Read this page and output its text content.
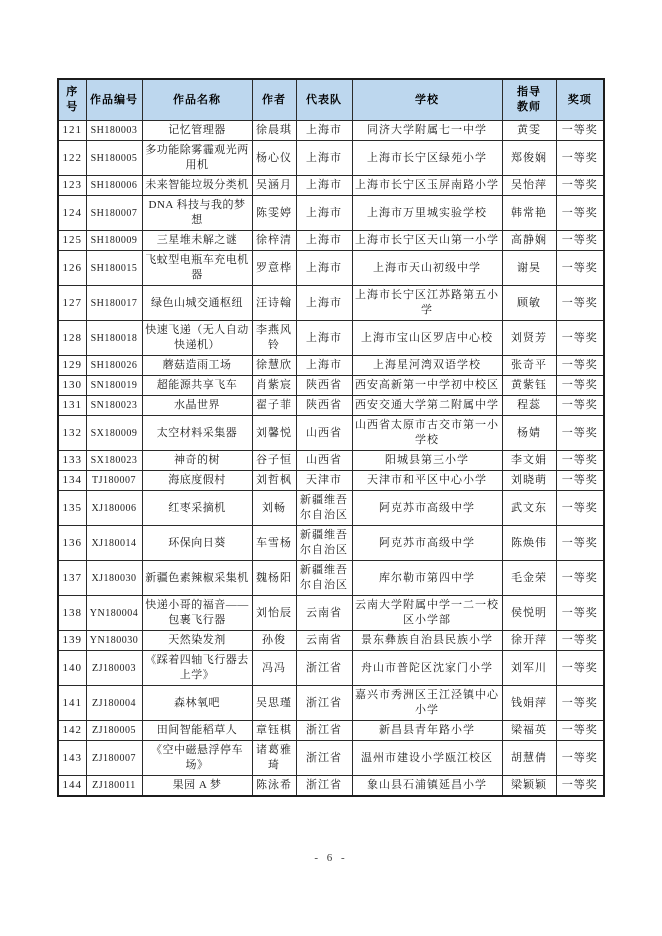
序号	作品编号	作品名称	作者	代表队	学校	指导教师	奖项
121	SH180003	记忆管理器	徐晨琪	上海市	同济大学附属七一中学	黄雯	一等奖
122	SH180005	多功能除雾霾观光两用机	杨心仪	上海市	上海市长宁区绿苑小学	郑俊娴	一等奖
123	SH180006	未来智能垃圾分类机	吴涵月	上海市	上海市长宁区玉屏南路小学	吴怡萍	一等奖
124	SH180007	DNA 科技与我的梦想	陈雯婷	上海市	上海市万里城实验学校	韩常艳	一等奖
125	SH180009	三星堆未解之谜	徐梓清	上海市	上海市长宁区天山第一小学	高静娴	一等奖
126	SH180015	飞蚊型电瓶车充电机器	罗意桦	上海市	上海市天山初级中学	谢昊	一等奖
127	SH180017	绿色山城交通枢纽	汪诗翰	上海市	上海市长宁区江苏路第五小学	顾敏	一等奖
128	SH180018	快速飞递（无人自动快递机）	李燕风铃	上海市	上海市宝山区罗店中心校	刘贤芳	一等奖
129	SH180026	蘑菇造雨工场	徐慧欣	上海市	上海星河湾双语学校	张奇平	一等奖
130	SN180019	超能源共享飞车	肖紫宸	陕西省	西安高新第一中学初中校区	黄紫钰	一等奖
131	SN180023	水晶世界	翟子菲	陕西省	西安交通大学第二附属中学	程蕊	一等奖
132	SX180009	太空材料采集器	刘馨悦	山西省	山西省太原市古交市第一小学校	杨婧	一等奖
133	SX180023	神奇的树	谷子恒	山西省	阳城县第三小学	李文娟	一等奖
134	TJ180007	海底度假村	刘哲枫	天津市	天津市和平区中心小学	刘晓萌	一等奖
135	XJ180006	红枣采摘机	刘畅	新疆维吾尔自治区	阿克苏市高级中学	武文东	一等奖
136	XJ180014	环保向日葵	车雪杨	新疆维吾尔自治区	阿克苏市高级中学	陈焕伟	一等奖
137	XJ180030	新疆色素辣椒采集机	魏杨阳	新疆维吾尔自治区	库尔勒市第四中学	毛金荣	一等奖
138	YN180004	快递小哥的福音——包裹飞行器	刘怡辰	云南省	云南大学附属中学一二一校区小学部	侯悦明	一等奖
139	YN180030	天然染发剂	孙俊	云南省	景东彝族自治县民族小学	徐开萍	一等奖
140	ZJ180003	《踩着四轴飞行器去上学》	冯冯	浙江省	舟山市普陀区沈家门小学	刘军川	一等奖
141	ZJ180004	森林氧吧	吴思瑾	浙江省	嘉兴市秀洲区王江泾镇中心小学	钱娟萍	一等奖
142	ZJ180005	田间智能稻草人	章钰棋	浙江省	新昌县青年路小学	梁福英	一等奖
143	ZJ180007	《空中磁悬浮停车场》	诸葛雅琦	浙江省	温州市建设小学瓯江校区	胡慧倩	一等奖
144	ZJ180011	果园 A 梦	陈泳希	浙江省	象山县石浦镇延昌小学	梁颖颖	一等奖
- 6 -
